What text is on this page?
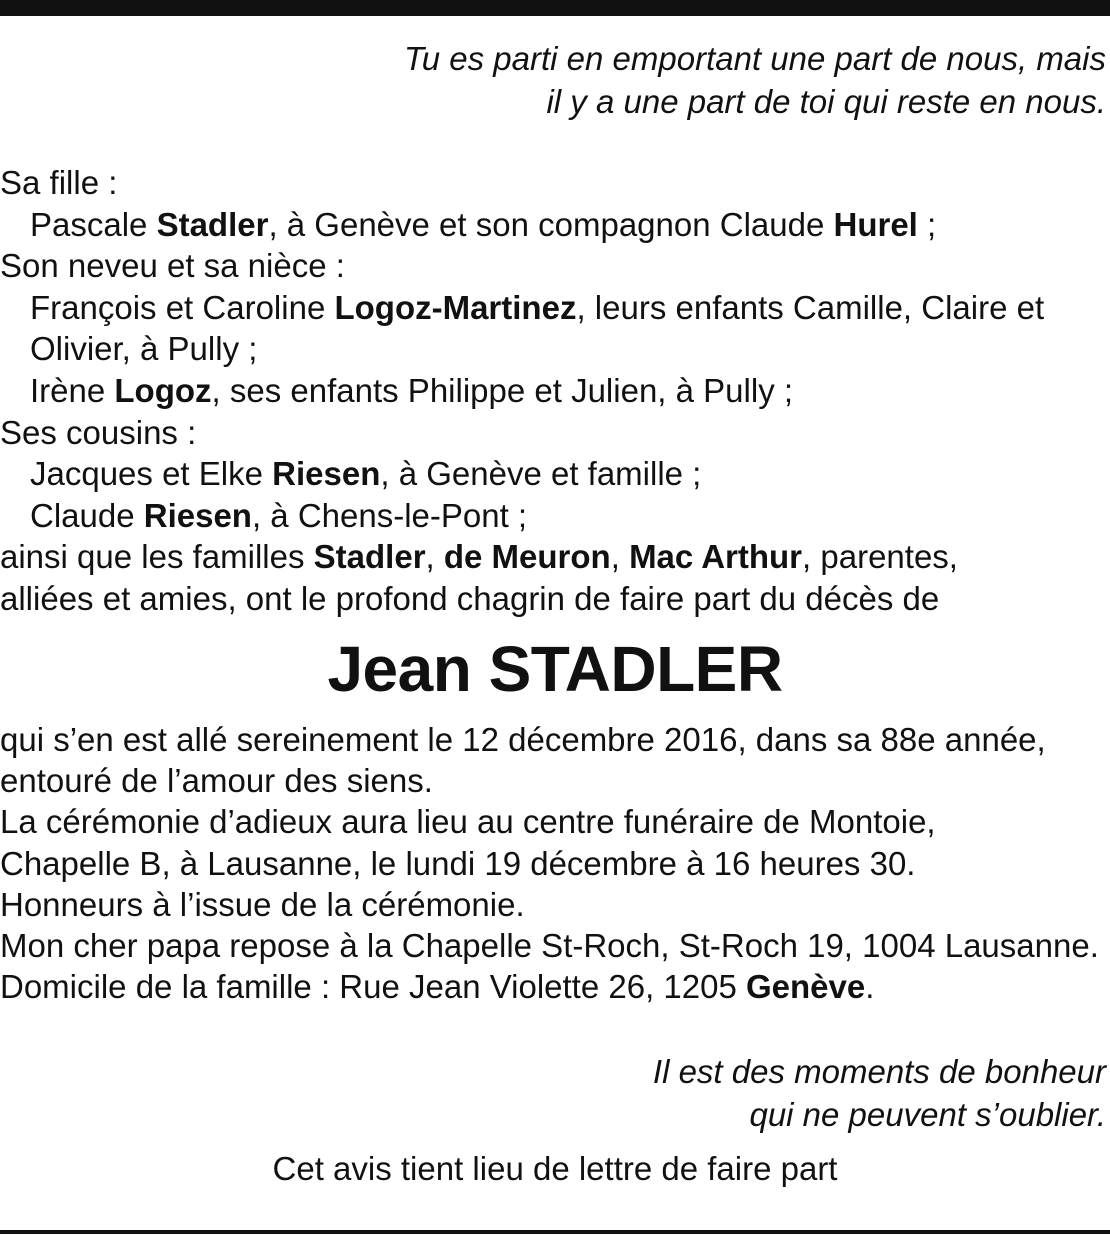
Tu es parti en emportant une part de nous, mais
il y a une part de toi qui reste en nous.
Sa fille :
Pascale Stadler, à Genève et son compagnon Claude Hurel ;
Son neveu et sa nièce :
François et Caroline Logoz-Martinez, leurs enfants Camille, Claire et
Olivier, à Pully ;
Irène Logoz, ses enfants Philippe et Julien, à Pully ;
Ses cousins :
Jacques et Elke Riesen, à Genève et famille ;
Claude Riesen, à Chens-le-Pont ;
ainsi que les familles Stadler, de Meuron, Mac Arthur, parentes,
alliées et amies, ont le profond chagrin de faire part du décès de
Jean STADLER
qui s’en est allé sereinement le 12 décembre 2016, dans sa 88e année,
entouré de l’amour des siens.
La cérémonie d’adieux aura lieu au centre funéraire de Montoie,
Chapelle B, à Lausanne, le lundi 19 décembre à 16 heures 30.
Honneurs à l’issue de la cérémonie.
Mon cher papa repose à la Chapelle St-Roch, St-Roch 19, 1004 Lausanne.
Domicile de la famille : Rue Jean Violette 26, 1205 Genève.
Il est des moments de bonheur
qui ne peuvent s’oublier.
Cet avis tient lieu de lettre de faire part
